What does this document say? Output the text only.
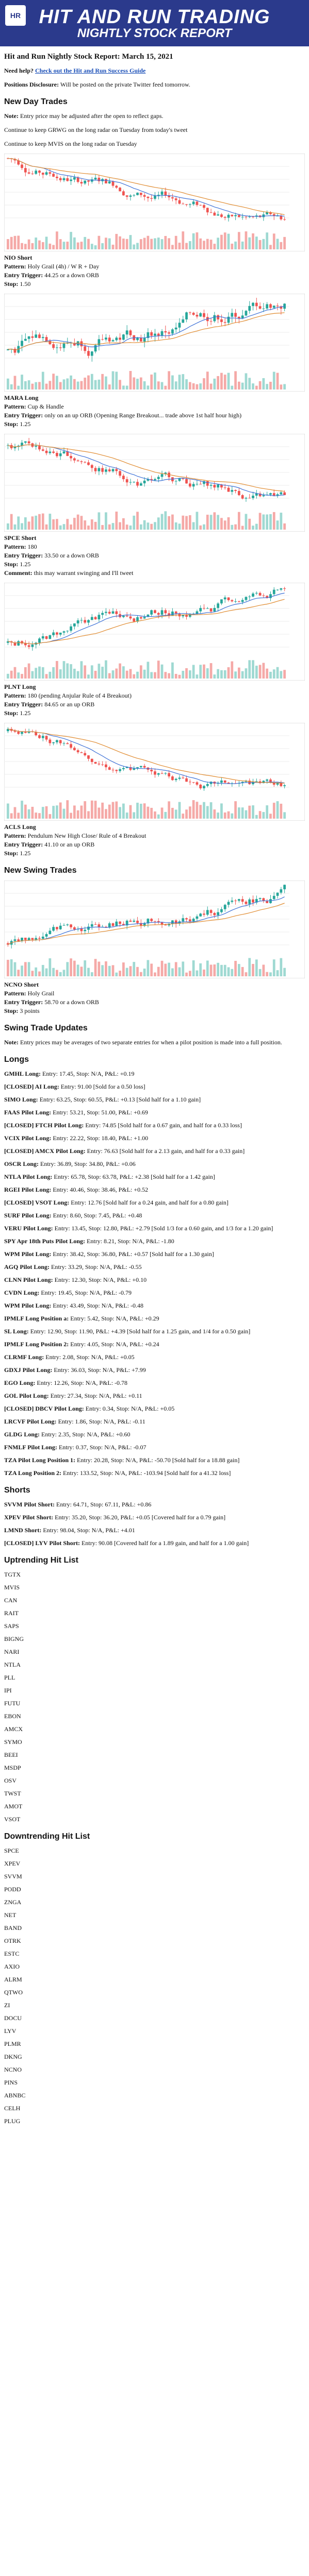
HR HIT AND RUN TRADING
NIGHTLY STOCK REPORT
Hit and Run Nightly Stock Report: March 15, 2021

Need help? Check out the Hit and Run Success Guide

Positions Disclosure: Will be posted on the private Twitter feed tomorrow.

New Day Trades

Note: Entry price may be adjusted after the open to reflect gaps.

Continue to keep GRWG on the long radar on Tuesday from today's tweet

Continue to keep MVIS on the long radar on Tuesday

NIO Short
Pattern: Holy Grail (4h) / W R + Day
Entry Trigger: 44.25 or a down ORB
Stop: 1.50
MARA Long
Pattern: Cup & Handle
Entry Trigger: only on an up ORB (Opening Range Breakout... trade above 1st half hour high)
Stop: 1.25
SPCE Short
Pattern: 180
Entry Trigger: 33.50 or a down ORB
Stop: 1.25
Comment: this may warrant swinging and I'll tweet
PLNT Long
Pattern: 180 (pending Anjular Rule of 4 Breakout)
Entry Trigger: 84.65 or an up ORB
Stop: 1.25
ACLS Long
Pattern: Pendulum New High Close/ Rule of 4 Breakout
Entry Trigger: 41.10 or an up ORB
Stop: 1.25
New Swing Trades
NCNO Short
Pattern: Holy Grail
Entry Trigger: 58.70 or a down ORB
Stop: 3 points
Swing Trade Updates

Note: Entry prices may be averages of two separate entries for when a pilot position is made into a full position.

Longs

GMHL Long: Entry: 17.45, Stop: N/A, P&L: +0.19

[CLOSED] AI Long: Entry: 91.00 [Sold for a 0.50 loss]

SIMO Long: Entry: 63.25, Stop: 60.55, P&L: +0.13 [Sold half for a 1.10 gain]

FAAS Pilot Long: Entry: 53.21, Stop: 51.00, P&L: +0.69

[CLOSED] FTCH Pilot Long: Entry: 74.85 [Sold half for a 0.67 gain, and half for a 0.33 loss]

VCIX Pilot Long: Entry: 22.22, Stop: 18.40, P&L: +1.00

[CLOSED] AMCX Pilot Long: Entry: 76.63 [Sold half for a 2.13 gain, and half for a 0.33 gain]

OSCR Long: Entry: 36.89, Stop: 34.80, P&L: +0.06

NTLA Pilot Long: Entry: 65.78, Stop: 63.78, P&L: +2.38 [Sold half for a 1.42 gain]

RGEI Pilot Long: Entry: 40.46, Stop: 38.46, P&L: +0.52

[CLOSED] VSOT Long: Entry: 12.76 [Sold half for a 0.24 gain, and half for a 0.80 gain]

SURF Pilot Long: Entry: 8.60, Stop: 7.45, P&L: +0.48

VERU Pilot Long: Entry: 13.45, Stop: 12.80, P&L: +2.79 [Sold 1/3 for a 0.60 gain, and 1/3 for a 1.20 gain]

SPY Apr 18th Puts Pilot Long: Entry: 8.21, Stop: N/A, P&L: -1.80

WPM Pilot Long: Entry: 38.42, Stop: 36.80, P&L: +0.57 [Sold half for a 1.30 gain]

AGQ Pilot Long: Entry: 33.29, Stop: N/A, P&L: -0.55

CLNN Pilot Long: Entry: 12.30, Stop: N/A, P&L: +0.10

CVDN Long: Entry: 19.45, Stop: N/A, P&L: -0.79

WPM Pilot Long: Entry: 43.49, Stop: N/A, P&L: -0.48

IPMLF Long Position a: Entry: 5.42, Stop: N/A, P&L: +0.29

SL Long: Entry: 12.90, Stop: 11.90, P&L: +4.39 [Sold half for a 1.25 gain, and 1/4 for a 0.50 gain]

IPMLF Long Position 2: Entry: 4.05, Stop: N/A, P&L: +0.24

CLRMF Long: Entry: 2.08, Stop: N/A, P&L: +0.05

GDXJ Pilot Long: Entry: 36.03, Stop: N/A, P&L: +7.99

EGO Long: Entry: 12.26, Stop: N/A, P&L: -0.78

GOL Pilot Long: Entry: 27.34, Stop: N/A, P&L: +0.11

[CLOSED] DBCV Pilot Long: Entry: 0.34, Stop: N/A, P&L: +0.05

LRCVF Pilot Long: Entry: 1.86, Stop: N/A, P&L: -0.11

GLDG Long: Entry: 2.35, Stop: N/A, P&L: +0.60

FNMLF Pilot Long: Entry: 0.37, Stop: N/A, P&L: -0.07

TZA Pilot Long Position 1: Entry: 20.28, Stop: N/A, P&L: -50.70 [Sold half for a 18.88 gain]

TZA Long Position 2: Entry: 133.52, Stop: N/A, P&L: -103.94 [Sold half for a 41.32 loss]

Shorts

SVVM Pilot Short: Entry: 64.71, Stop: 67.11, P&L: +0.86

XPEV Pilot Short: Entry: 35.20, Stop: 36.20, P&L: +0.05 [Covered half for a 0.79 gain]

LMND Short: Entry: 98.04, Stop: N/A, P&L: +4.01

[CLOSED] LYV Pilot Short: Entry: 90.08 [Covered half for a 1.89 gain, and half for a 1.00 gain]

Uptrending Hit List
TGTX
MVIS
CAN
RAIT
SAPS
BIGNG
NARI
NTLA
PLL
IPI
FUTU
EBON
AMCX
SYMO
BEEI
MSDP
OSV
TWST
AMOT
VSOT
Downtrending Hit List
SPCE
XPEV
SVVM
PODD
ZNGA
NET
BAND
OTRK
ESTC
AXIO
ALRM
QTWO
ZI
DOCU
LYV
PLMR
DKNG
NCNO
PINS
ABNBC
CELH
PLUG
